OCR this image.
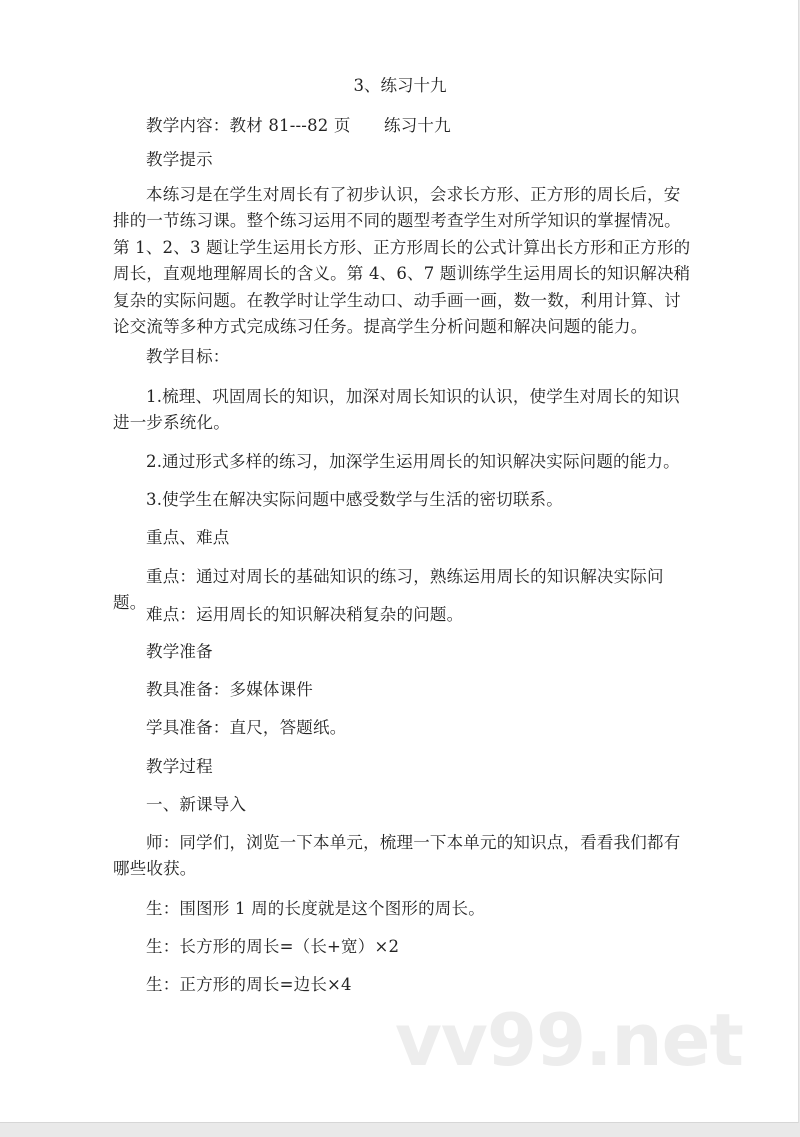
3、练习十九

教学内容：教材 81---82 页　　练习十九

教学提示

本练习是在学生对周长有了初步认识，会求长方形、正方形的周长后，安排的一节练习课。整个练习运用不同的题型考查学生对所学知识的掌握情况。第 1、2、3 题让学生运用长方形、正方形周长的公式计算出长方形和正方形的周长，直观地理解周长的含义。第 4、6、7 题训练学生运用周长的知识解决稍复杂的实际问题。在教学时让学生动口、动手画一画，数一数，利用计算、讨论交流等多种方式完成练习任务。提高学生分析问题和解决问题的能力。

教学目标：

1.梳理、巩固周长的知识，加深对周长知识的认识，使学生对周长的知识进一步系统化。

2.通过形式多样的练习，加深学生运用周长的知识解决实际问题的能力。

3.使学生在解决实际问题中感受数学与生活的密切联系。

重点、难点

重点：通过对周长的基础知识的练习，熟练运用周长的知识解决实际问题。

难点：运用周长的知识解决稍复杂的问题。

教学准备

教具准备：多媒体课件

学具准备：直尺，答题纸。

教学过程

一、新课导入

师：同学们，浏览一下本单元，梳理一下本单元的知识点，看看我们都有哪些收获。

生：围图形 1 周的长度就是这个图形的周长。

生：长方形的周长=（长+宽）×2

生：正方形的周长=边长×4

vv99.net
